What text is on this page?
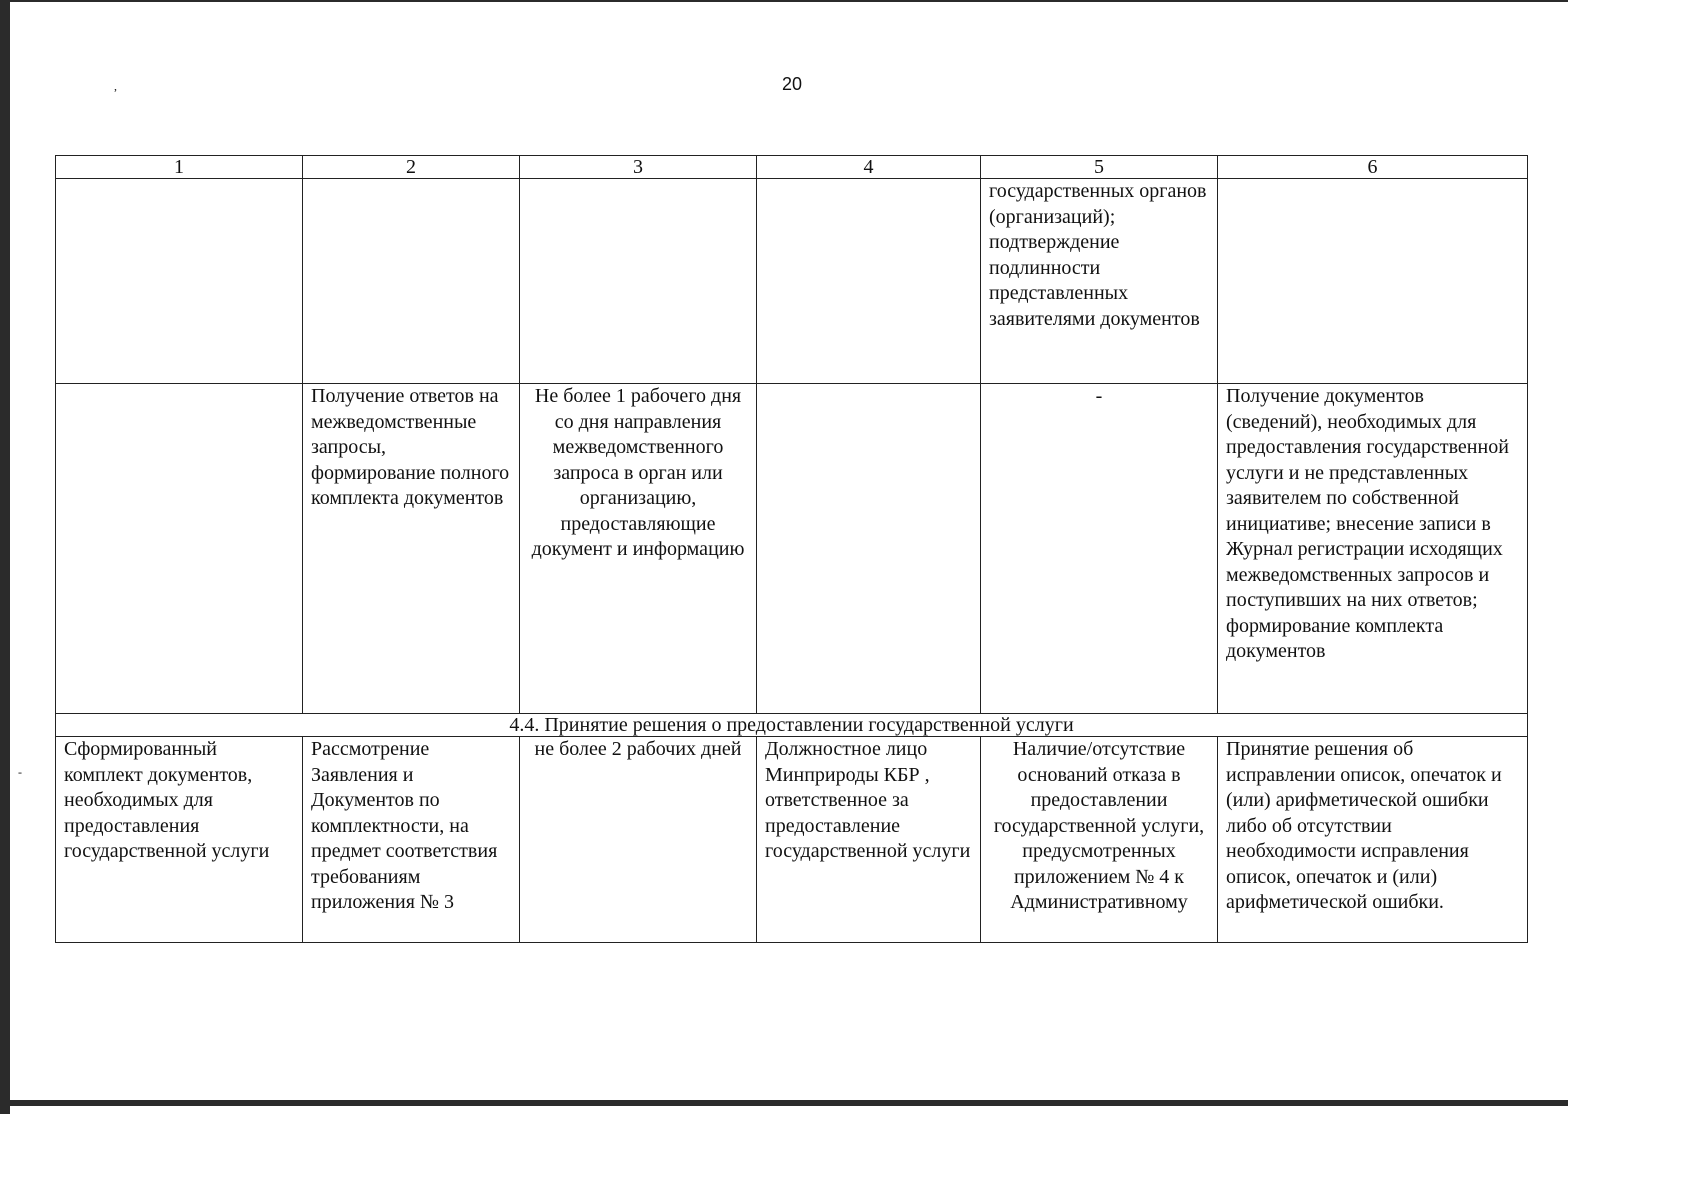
,
-
20
1	2	3	4	5	6
				государственных органов (организаций); подтверждение подлинности представленных заявителями документов	
	Получение ответов на межведомственные запросы, формирование полного комплекта документов	Не более 1 рабочего дня со дня направления межведомственного запроса в орган или организацию, предоставляющие документ и информацию		-	Получение документов (сведений), необходимых для предоставления государственной услуги и не представленных заявителем по собственной инициативе; внесение записи в Журнал регистрации исходящих межведомственных запросов и поступивших на них ответов; формирование комплекта документов
4.4. Принятие решения о предоставлении государственной услуги					
Сформированный комплект документов, необходимых для предоставления государственной услуги	Рассмотрение Заявления и Документов по комплектности, на предмет соответствия требованиям приложения № 3	не более 2 рабочих дней	Должностное лицо Минприроды КБР , ответственное за предоставление государственной услуги	Наличие/отсутствие оснований отказа в предоставлении государственной услуги, предусмотренных приложением № 4 к Административному	Принятие решения об исправлении описок, опечаток и (или) арифметической ошибки либо об отсутствии необходимости исправления описок, опечаток и (или) арифметической ошибки.
